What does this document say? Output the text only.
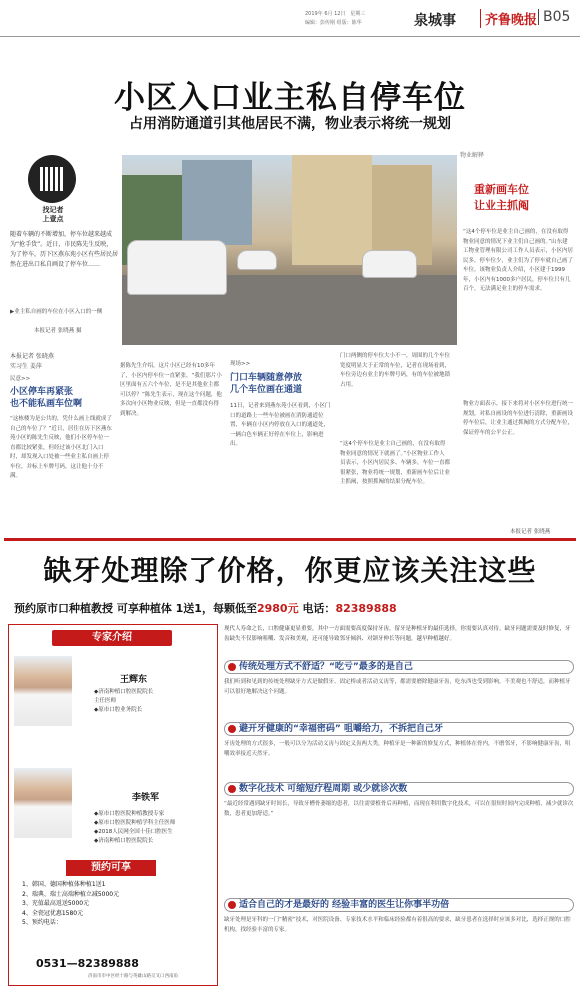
2019年 6月 12日   星期三
编辑：彭传刚 组版：陈华	泉城事	齐鲁晚报 B05
小区入口业主私自停车位
占用消防通道引其他居民不满，物业表示将统一规划
找记者
上壹点
随着车辆的不断增加，停车位越来越成为“抢手货”。近日，市民陈先生反映，为了停车，历下区燕东苑小区有些居民居然在进出口私自画设了停车位……
▶业主私自画的车位在小区入口的一侧
本报记者 张晓燕 摄
物业解释
重新画车位
让业主抓阄
“这4个停车位是业主自己画的，在没有取得物业同意的情况下业主们自己画的。”山东建工物业管理有限公司工作人员表示，小区内居民多，停车位少，业主们为了停车就自己画了车位。该物业负责人介绍，小区建于1999年，小区内有1000多户居民，停车位只有几百个，无法满足业主的停车需求。
物业方面表示，接下来将对小区车位进行统一规划，对私自画设的车位进行清除，重新画设停车位后，让业主通过抓阄的方式分配车位，保证停车的公平公正。
本报记者 张晓燕
本报记者 张晓燕
实习生 姜萍
民意>>
小区停车再紧张
也不能私画车位啊
“这栋楼为是公共的，凭什么画上线就成了自己的车位了？”近日，居住在历下区燕东苑小区的陈先生反映，他们小区停车位一直都比较紧张，但经过该小区北门入口时，却发现入口处被一些业主私自画上停车位，并标上车牌号码，这让他十分不满。
据陈先生介绍，这片小区已经有10多年了，小区内停车位一直紧张。“我们那片小区里面有五六个车位，是不是其他业主都可以停？”陈先生表示，现在这个问题，他多次向小区物业反映，但是一直都没有得到解决。
现场>>
门口车辆随意停放
几个车位画在通道
11日，记者来到燕东苑小区看到，小区门口的道路上一些车位被画在消防通道位置，车辆在小区内停放在入口的通道处，一辆白色车辆正好停在车位上，影响进出。
门口两侧的停车位大小不一，周围的几个车位宽度明显大于正常的车位，记者在现场看到，车位旁边有业主的车牌号码，有的车位被地锁占用。
“这4个停车位是业主自己画的，在没有取得物业同意的情况下就画了。”小区物业工作人员表示，小区内居民多、车辆多，车位一直都很紧张，物业将统一规划，重新画车位后让业主抓阄，按照抓阄的结果分配车位。
缺牙处理除了价格，你更应该关注这些
预约原市口种植教授 可享种植体 1送1，每颗低至2980元 电话：82389888
专家介绍
王辉东
◆济南种植口腔医院院长
主任医师
◆原市口腔业务院长
李铁军
◆原市口腔医院种植教授专家
◆原市口腔医院种植学科主任医师
◆2018人民网全国十佳口腔医生
◆济南种植口腔医院院长
预约可享
1、韩国、德国种植体种植1送1
2、瑞典、瑞士高端种植立减5000元
3、充值最高返送5000元
4、全瓷冠优惠1580元
5、预约电话：
0531—82389888
济南市市中区经十路与英雄山路交叉口西南角
现代人寿命之长，口腔健康更显重要，其中一方面需要高度保持牙齿，留牙是种植牙的最佳选择，你需要认真对待。缺牙问题需要及时修复，牙齿缺失不仅影响咀嚼、发音和美观，还可能导致邻牙倾斜、对颌牙伸长等问题，越早种植越好。
传统处理方式不舒适？“吃亏”最多的是自己
我们听到和见到的传统处理缺牙方式是做假牙、固定桥或者活动义齿等，都需要磨除健康牙齿，吃东西也受到影响，不美观也不舒适，而种植牙可以很好地解决这个问题。
避开牙健康的“幸福密码” 咀嚼给力，不拆把自己牙
牙齿处理的方式很多，一般可以分为活动义齿与固定义齿两大类，种植牙是一种新的修复方式，种植体在骨内，不磨邻牙，不影响健康牙齿，咀嚼效率接近天然牙。
数字化技术 可缩短疗程周期 或少就诊次数
“最近经常遇到缺牙时间长，导致牙槽骨萎缩的患者，以往需要植骨后再种植，而现在利用数字化技术，可以在很短时间内完成种植，减少就诊次数，患者更加舒适。”
适合自己的才是最好的 经验丰富的医生让你事半功倍
缺牙处理是牙科的一门“精密”技术，对医院设备、专家技术水平和临床经验都有着很高的要求，缺牙患者在选择时应该多对比，选择正规的口腔机构，找经验丰富的专家。
